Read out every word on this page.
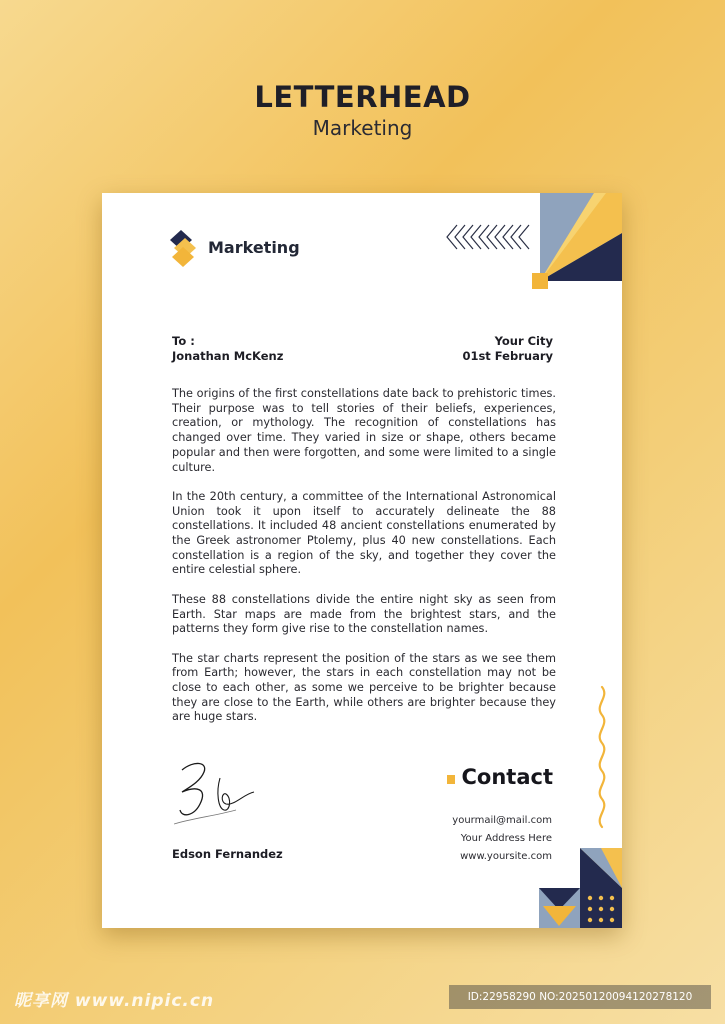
LETTERHEAD
Marketing
Marketing
To :
Jonathan McKenz
Your City
01st February

The origins of the first constellations date back to prehistoric times. Their purpose was to tell stories of their beliefs, experiences, creation, or mythology. The recognition of constellations has changed over time. They varied in size or shape, others became popular and then were forgotten, and some were limited to a single culture.

In the 20th century, a committee of the International Astronomical Union took it upon itself to accurately delineate the 88 constellations. It included 48 ancient constellations enumerated by the Greek astronomer Ptolemy, plus 40 new constellations. Each constellation is a region of the sky, and together they cover the entire celestial sphere.

These 88 constellations divide the entire night sky as seen from Earth. Star maps are made from the brightest stars, and the patterns they form give rise to the constellation names.

The star charts represent the position of the stars as we see them from Earth; however, the stars in each constellation may not be close to each other, as some we perceive to be brighter because they are close to the Earth, while others are brighter because they are huge stars.

Edson Fernandez
Contact
yourmail@mail.com
Your Address Here
www.yoursite.com
昵享网 www.nipic.cn	ID:22958290 NO:20250120094120278120
